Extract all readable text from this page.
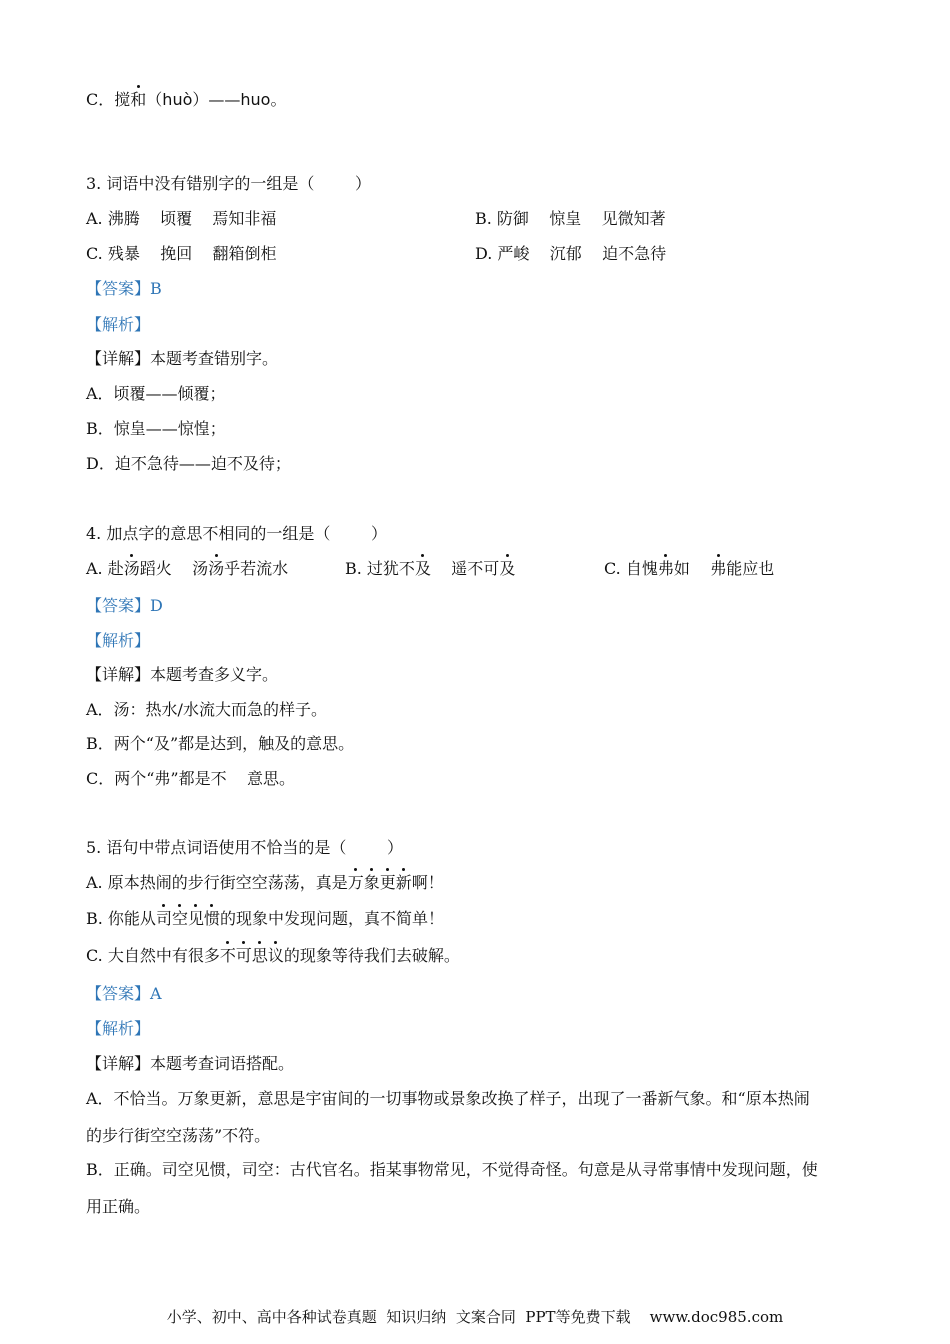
C．搅和（huò）——huo。
3. 词语中没有错别字的一组是（        ）
A. 沸腾    顷覆    焉知非福	B. 防御    惊皇    见微知著
C. 残暴    挽回    翻箱倒柜	D. 严峻    沉郁    迫不急待
【答案】B
【解析】
【详解】本题考查错别字。
A．顷覆——倾覆；
B．惊皇——惊惶；
D．迫不急待——迫不及待；
4. 加点字的意思不相同的一组是（        ）
A. 赴汤蹈火    汤汤乎若流水	B. 过犹不及    遥不可及	C. 自愧弗如    弗能应也
【答案】D
【解析】
【详解】本题考查多义字。
A．汤：热水/水流大而急的样子。
B．两个“及”都是达到，触及的意思。
C．两个“弗”都是不    意思。
5. 语句中带点词语使用不恰当的是（        ）
A. 原本热闹的步行街空空荡荡，真是万象更新啊！
B. 你能从司空见惯的现象中发现问题，真不简单！
C. 大自然中有很多不可思议的现象等待我们去破解。
【答案】A
【解析】
【详解】本题考查词语搭配。
A．不恰当。万象更新，意思是宇宙间的一切事物或景象改换了样子，出现了一番新气象。和“原本热闹
的步行街空空荡荡”不符。
B．正确。司空见惯，司空：古代官名。指某事物常见，不觉得奇怪。句意是从寻常事情中发现问题，使
用正确。
小学、初中、高中各种试卷真题  知识归纳  文案合同  PPT等免费下载    www.doc985.com
